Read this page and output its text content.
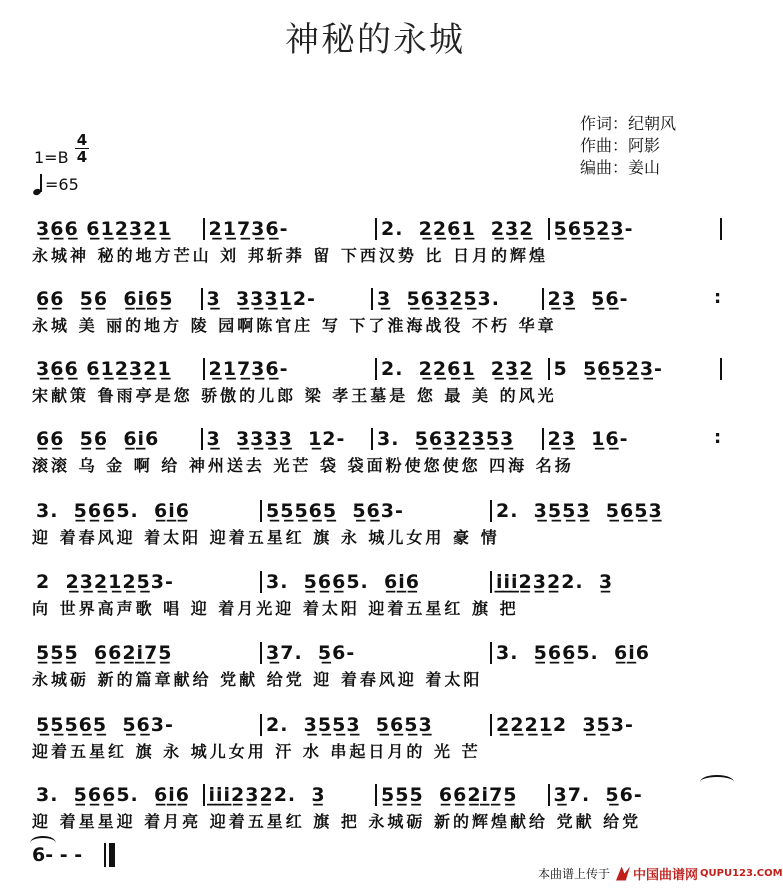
神秘的永城
作词：纪朝风
作曲：阿影
编曲：姜山
$1=B \frac{4}{4}$
=65
3̲6̲6̲ 6̲1̲2̲3̲2̲1̲	2̲1̲7̲3̲6̲-	2.  2̲2̲6̲1̲  2̲3̲2̲	5̲6̲5̲2̲3̲-
永城神 秘的地方芒山 刘 邦斩莽 留 下西汉势 比 日月的辉煌
6̲6̲  5̲6̲  6̲i̲6̲5̲	3̲  3̲3̲3̲1̲2-	3̲  5̲6̲3̲2̲5̲3.	2̲3̲  5̲6̲-
:
永城 美 丽的地方 陵 园啊陈官庄 写 下了淮海战役 不朽 华章
3̲6̲6̲ 6̲1̲2̲3̲2̲1̲	2̲1̲7̲3̲6̲-	2.  2̲2̲6̲1̲  2̲3̲2̲	5  5̲6̲5̲2̲3̲-
宋献策 鲁雨亭是您 骄傲的儿郎 梁 孝王墓是 您 最 美 的风光
6̲6̲  5̲6̲  6̲i̲6	3̲  3̲3̲3̲3̲  1̲2-	3.  5̲6̲3̲2̲3̲5̲3̲	2̲3̲  1̲6̲-
:
滚滚 乌 金 啊 给 神州送去 光芒 袋 袋面粉使您使您 四海 名扬
3.  5̲6̲6̲5.  6̲i̲6̲	5̲5̲5̲6̲5̲  5̲6̲3-	2.  3̲5̲5̲3̲  5̲6̲5̲3̲
迎 着春风迎 着太阳 迎着五星红 旗 永 城儿女用 豪 情
2  2̲3̲2̲1̲2̲5̲3-	3.  5̲6̲6̲5.  6̲i̲6̲	i̲i̲i̲2̲3̲2̲2.  3̲
向 世界高声歌 唱 迎 着月光迎 着太阳 迎着五星红 旗 把
5̲5̲5̲  6̲6̲2̲i̲7̲5̲	3̲7.  5̲6-	3.  5̲6̲6̲5.  6̲i̲6
永城砺 新的篇章献给 党献 给党 迎 着春风迎 着太阳
5̲5̲5̲6̲5̲  5̲6̲3-	2.  3̲5̲5̲3̲  5̲6̲5̲3̲	2̲2̲2̲1̲2  3̲5̲3-
迎着五星红 旗 永 城儿女用 汗 水 串起日月的 光 芒
3.  5̲6̲6̲5.  6̲i̲6̲ i̲i̲i̲2̲3̲2̲2.  3̲	5̲5̲5̲  6̲6̲2̲i̲7̲5̲	3̲7.  5̲6-
迎 着星星迎 着月亮 迎着五星红 旗 把 永城砺 新的辉煌献给 党献 给党
6- - -
本曲谱上传于 中国曲谱网 QUPU123.COM
